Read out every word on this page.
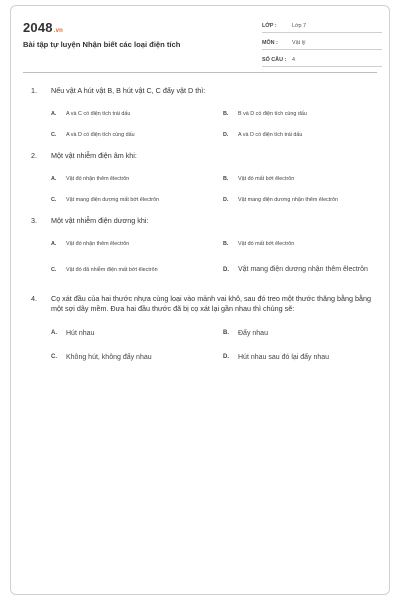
2048.vn
Bài tập tự luyện Nhận biết các loại điện tích
LỚP :	Lớp 7
MÔN :	Vật lý
SỐ CÂU :	4
1.	Nếu vật A hút vật B, B hút vật C, C đẩy vật D thì:
A.	A và C có điện tích trái dấu	B.	B và D có điện tích cùng dấu
C.	A và D có điện tích cùng dấu	D.	A và D có điện tích trái dấu
2.	Một vật nhiễm điện âm khi:
A.	Vật đó nhận thêm êlectrôn	B.	Vật đó mất bớt êlectrôn
C.	Vật mang điện dương mất bớt êlectrôn	D.	Vật mang điện dương nhận thêm êlectrôn
3.	Một vật nhiễm điện dương khi:
A.	Vật đó nhận thêm êlectrôn	B.	Vật đó mất bớt êlectrôn
C.	Vật đó đã nhiễm điện mất bớt êlectrôn	D.	Vật mang điện dương nhận thêm êlectrôn
4.	Cọ xát đầu của hai thước nhựa cùng loại vào mảnh vai khô, sau đó treo một thước thăng bằng bằng một sợi dây mềm. Đưa hai đầu thước đã bị cọ xát lại gần nhau thì chúng sẽ:
A.	Hút nhau	B.	Đẩy nhau
C.	Không hút, không đẩy nhau	D.	Hút nhau sau đó lại đẩy nhau
